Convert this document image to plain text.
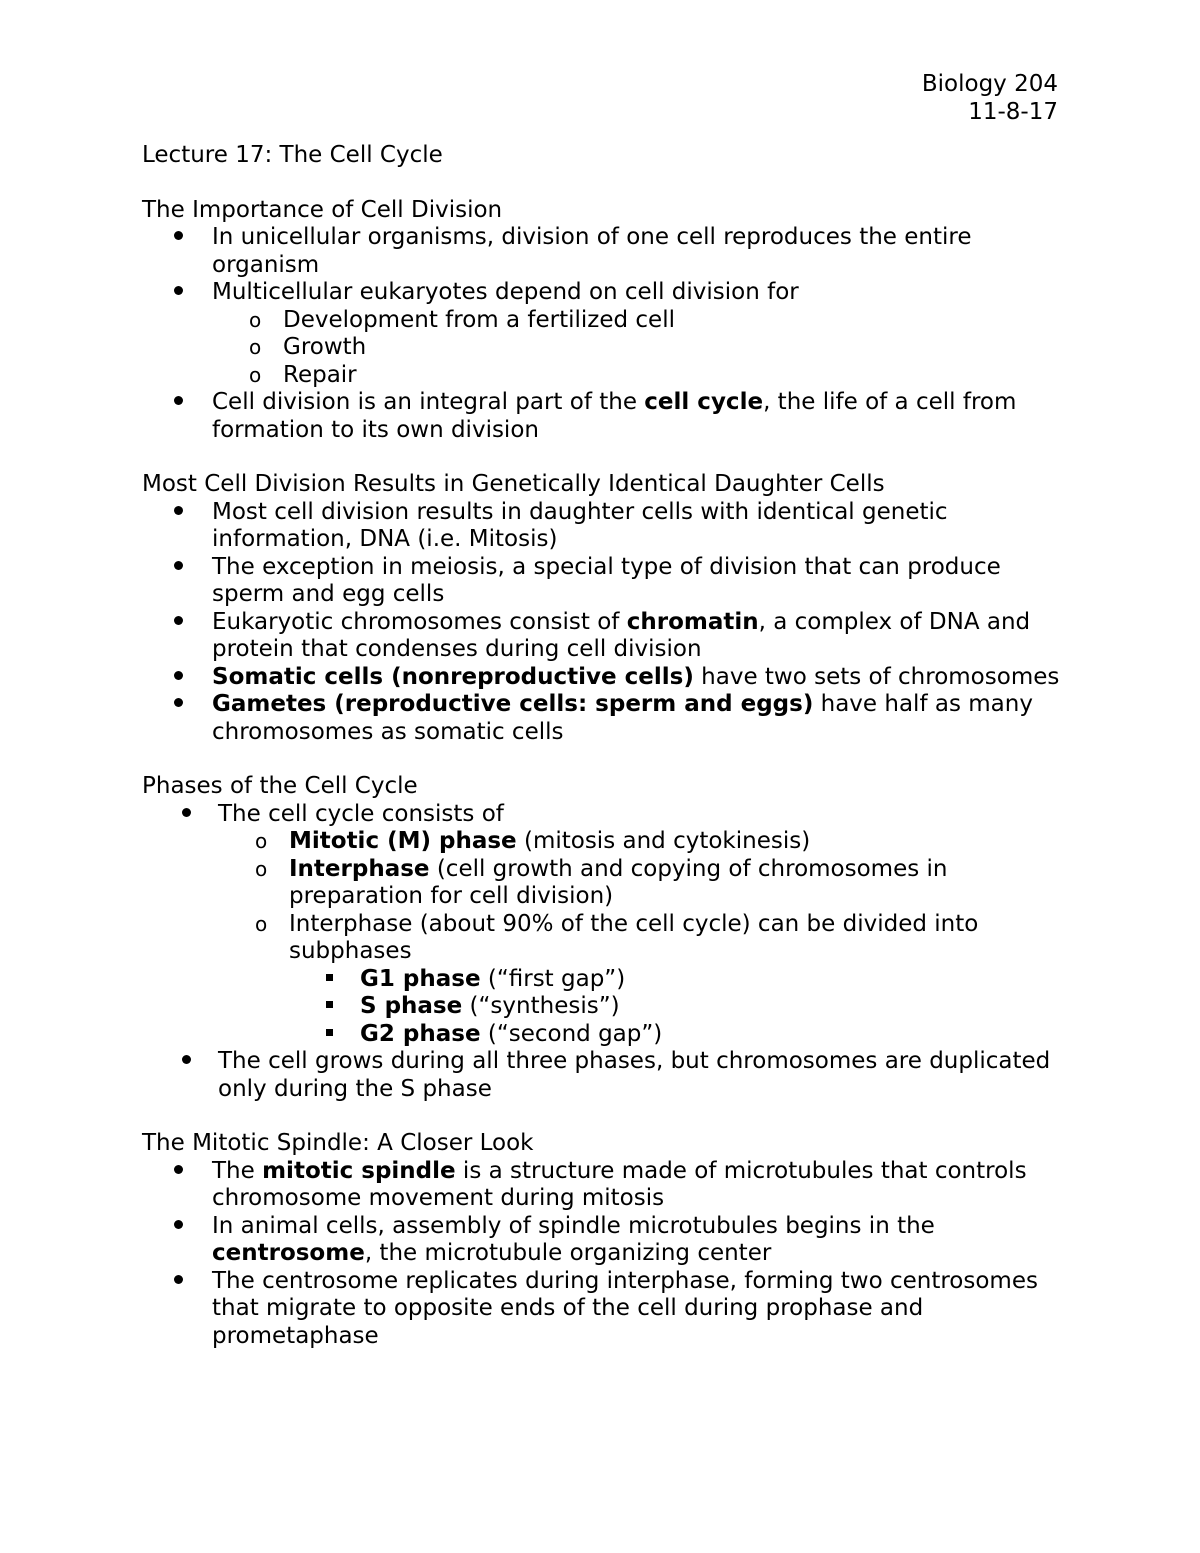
Biology 204
11-8-17
Lecture 17: The Cell Cycle
The Importance of Cell Division
In unicellular organisms, division of one cell reproduces the entire organism
Multicellular eukaryotes depend on cell division for
o Development from a fertilized cell
o Growth
o Repair
Cell division is an integral part of the cell cycle, the life of a cell from formation to its own division
Most Cell Division Results in Genetically Identical Daughter Cells
Most cell division results in daughter cells with identical genetic information, DNA (i.e. Mitosis)
The exception in meiosis, a special type of division that can produce sperm and egg cells
Eukaryotic chromosomes consist of chromatin, a complex of DNA and protein that condenses during cell division
Somatic cells (nonreproductive cells) have two sets of chromosomes
Gametes (reproductive cells: sperm and eggs) have half as many chromosomes as somatic cells
Phases of the Cell Cycle
The cell cycle consists of
o Mitotic (M) phase (mitosis and cytokinesis)
o Interphase (cell growth and copying of chromosomes in preparation for cell division)
o Interphase (about 90% of the cell cycle) can be divided into subphases
G1 phase (“first gap”)
S phase (“synthesis”)
G2 phase (“second gap”)
The cell grows during all three phases, but chromosomes are duplicated only during the S phase
The Mitotic Spindle: A Closer Look
The mitotic spindle is a structure made of microtubules that controls chromosome movement during mitosis
In animal cells, assembly of spindle microtubules begins in the centrosome, the microtubule organizing center
The centrosome replicates during interphase, forming two centrosomes that migrate to opposite ends of the cell during prophase and prometaphase
